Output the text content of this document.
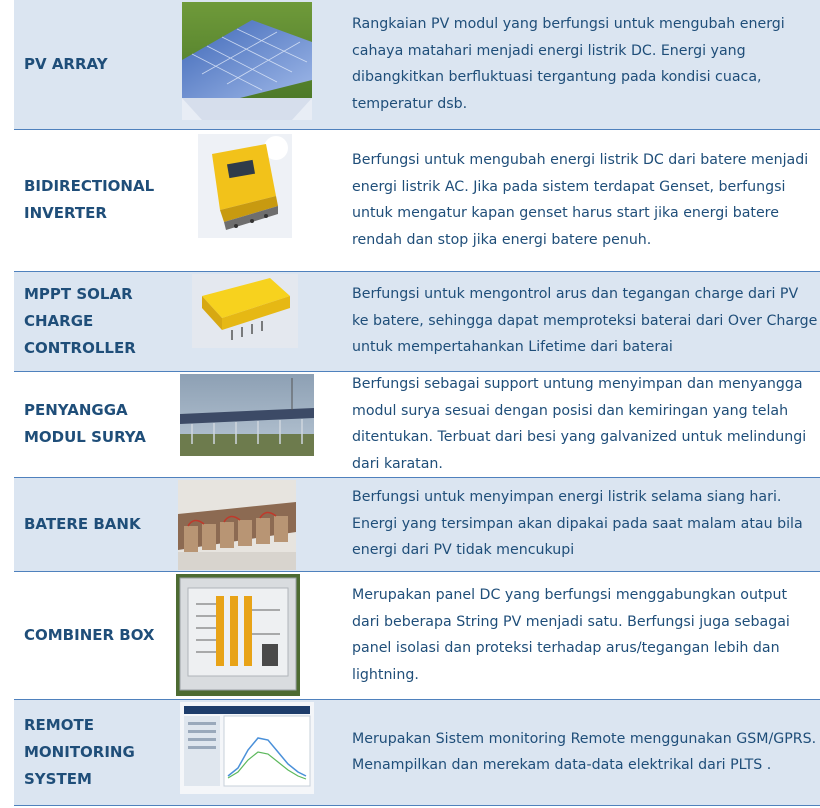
PV ARRAY
Rangkaian PV modul yang berfungsi untuk mengubah energi cahaya matahari menjadi energi listrik DC. Energi yang dibangkitkan berfluktuasi tergantung pada kondisi cuaca, temperatur dsb.
BIDIRECTIONAL INVERTER
Berfungsi untuk mengubah energi listrik DC dari batere menjadi energi listrik AC. Jika pada sistem terdapat Genset, berfungsi untuk mengatur kapan genset harus start jika energi batere rendah dan stop jika energi batere penuh.
MPPT SOLAR CHARGE CONTROLLER
Berfungsi untuk mengontrol arus dan tegangan charge dari PV ke batere, sehingga dapat memproteksi baterai dari Over Charge untuk mempertahankan Lifetime dari baterai
PENYANGGA MODUL SURYA
Berfungsi sebagai support untung menyimpan dan menyangga modul surya sesuai dengan posisi dan kemiringan yang telah ditentukan. Terbuat dari besi yang galvanized untuk melindungi dari karatan.
BATERE BANK
Berfungsi untuk menyimpan energi listrik selama siang hari. Energi yang tersimpan akan dipakai pada saat malam atau bila energi dari PV tidak mencukupi
COMBINER BOX
Merupakan panel DC yang berfungsi menggabungkan output dari beberapa String PV menjadi satu. Berfungsi juga sebagai panel isolasi dan proteksi terhadap arus/tegangan lebih dan lightning.
REMOTE MONITORING SYSTEM
Merupakan Sistem monitoring Remote menggunakan GSM/GPRS. Menampilkan dan merekam data-data elektrikal dari PLTS .
